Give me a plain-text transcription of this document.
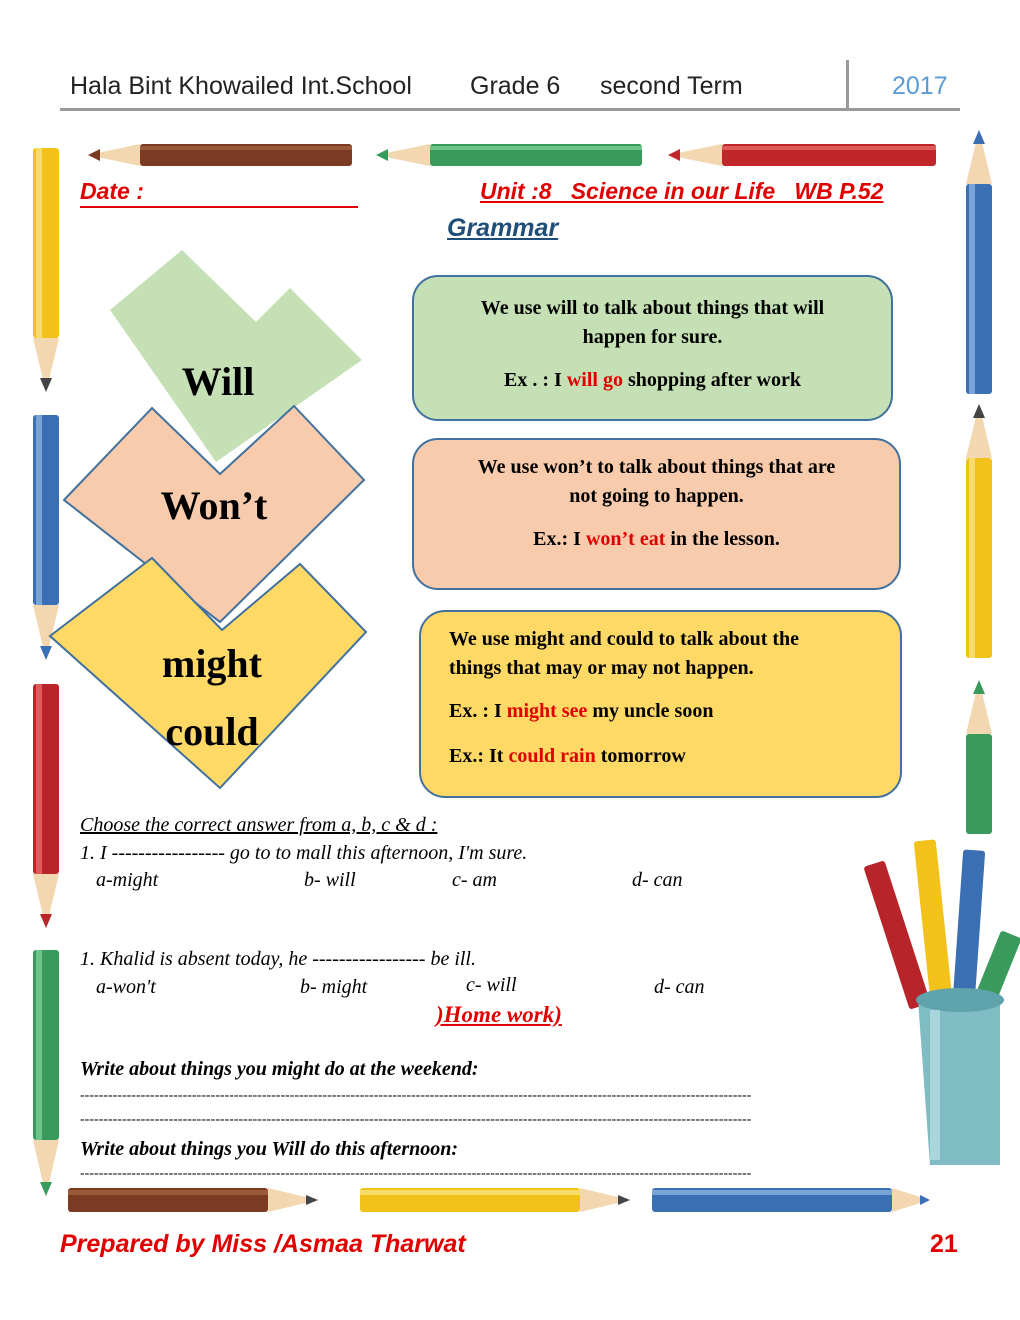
Hala Bint Khowailed Int.School Grade 6 second Term	2017
Date :	Unit :8   Science in our Life   WB P.52
Grammar
Will
Won’t
might
could
We use will to talk about things that will
happen for sure.
Ex . : I will go shopping after work
We use won’t to talk about things that are
not going to happen.
Ex.: I won’t eat in the lesson.
We use might and could to talk about the
things that may or may not happen.
Ex. : I might see my uncle soon
Ex.: It could rain tomorrow
Choose the correct answer from a, b, c & d :
1. I ----------------- go to to mall this afternoon, I'm sure.
a-might	b- will	c- am	d- can
1. Khalid is absent today, he ----------------- be ill.
a-won't	b- might	c- will	d- can
)Home work)
Write about things you might do at the weekend:
------------------------------------------------------------------------------------------------------------------------------------------------
------------------------------------------------------------------------------------------------------------------------------------------------
Write about things you Will do this afternoon:
------------------------------------------------------------------------------------------------------------------------------------------------
Prepared by Miss /Asmaa Tharwat	21
